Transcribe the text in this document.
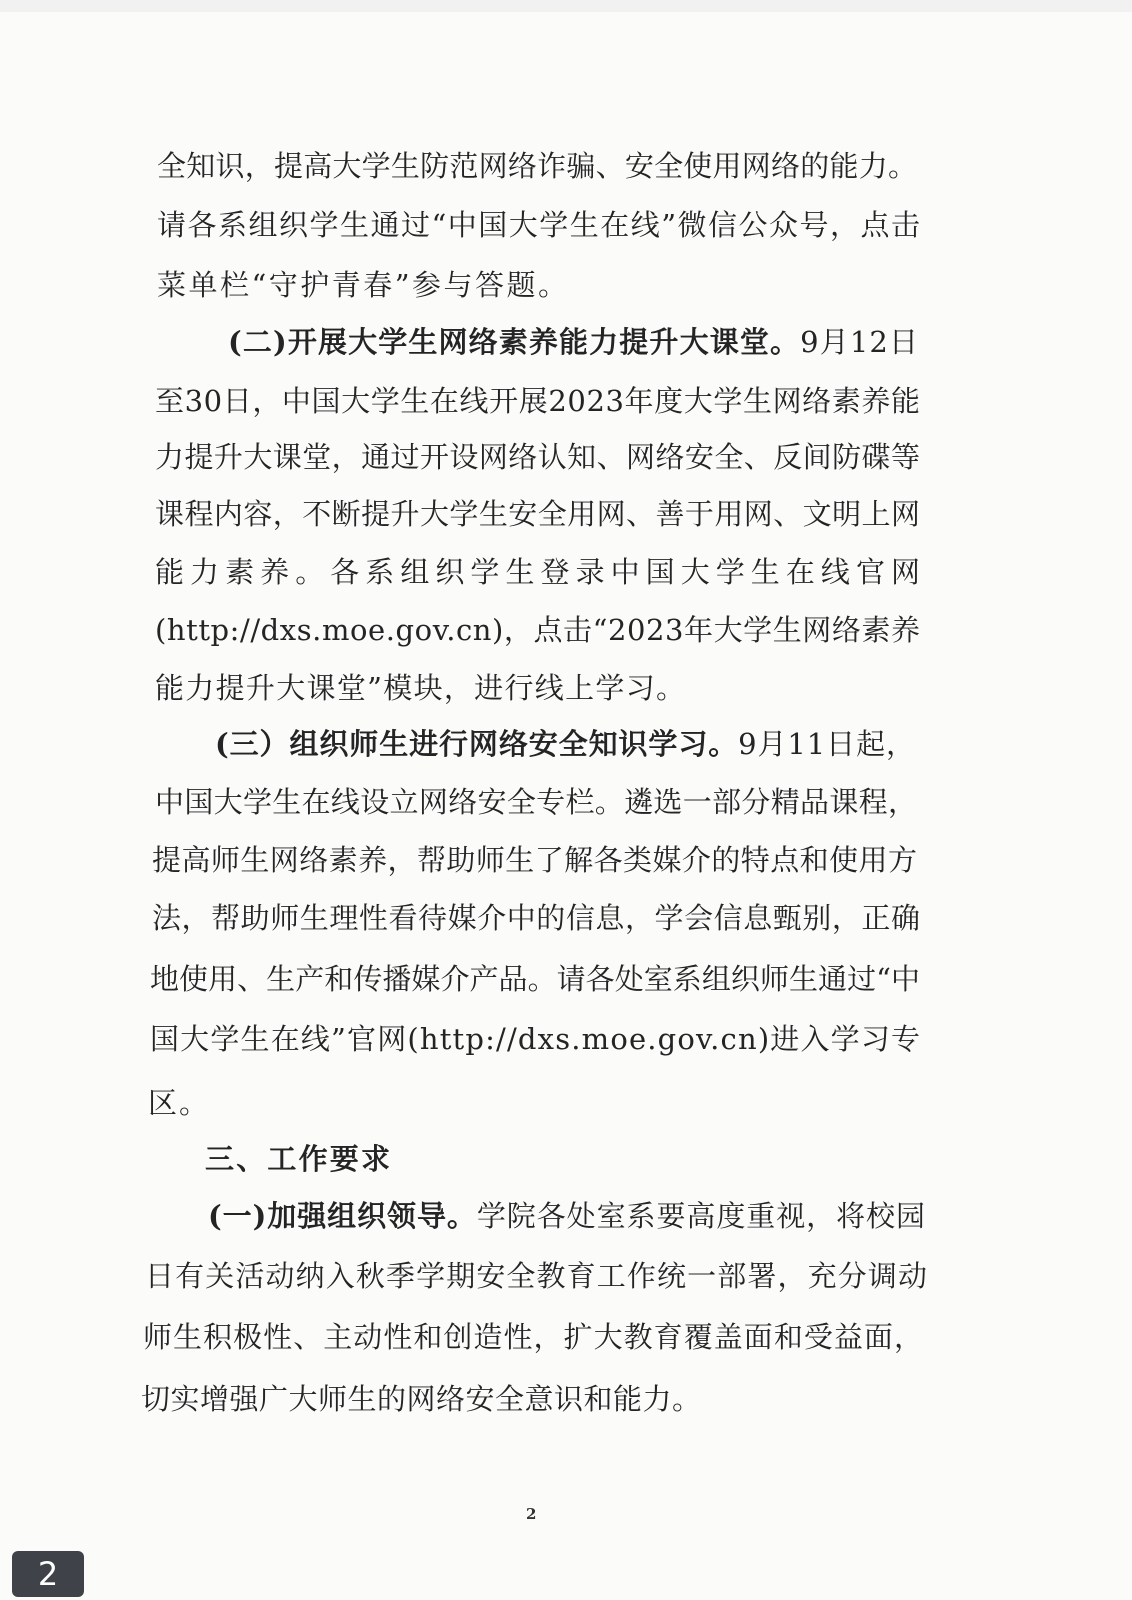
全知识，提高大学生防范网络诈骗、安全使用网络的能力。
请各系组织学生通过“中国大学生在线”微信公众号，点击
菜单栏“守护青春”参与答题。
(二)开展大学生网络素养能力提升大课堂。9月12日
至30日，中国大学生在线开展2023年度大学生网络素养能
力提升大课堂，通过开设网络认知、网络安全、反间防碟等
课程内容，不断提升大学生安全用网、善于用网、文明上网
能力素养。各系组织学生登录中国大学生在线官网
(http://dxs.moe.gov.cn)，点击“2023年大学生网络素养
能力提升大课堂”模块，进行线上学习。
(三）组织师生进行网络安全知识学习。9月11日起，
中国大学生在线设立网络安全专栏。遴选一部分精品课程，
提高师生网络素养，帮助师生了解各类媒介的特点和使用方
法，帮助师生理性看待媒介中的信息，学会信息甄别，正确
地使用、生产和传播媒介产品。请各处室系组织师生通过“中
国大学生在线”官网(http://dxs.moe.gov.cn)进入学习专
区。
三、工作要求
(一)加强组织领导。学院各处室系要高度重视，将校园
日有关活动纳入秋季学期安全教育工作统一部署，充分调动
师生积极性、主动性和创造性，扩大教育覆盖面和受益面，
切实增强广大师生的网络安全意识和能力。
2
2
